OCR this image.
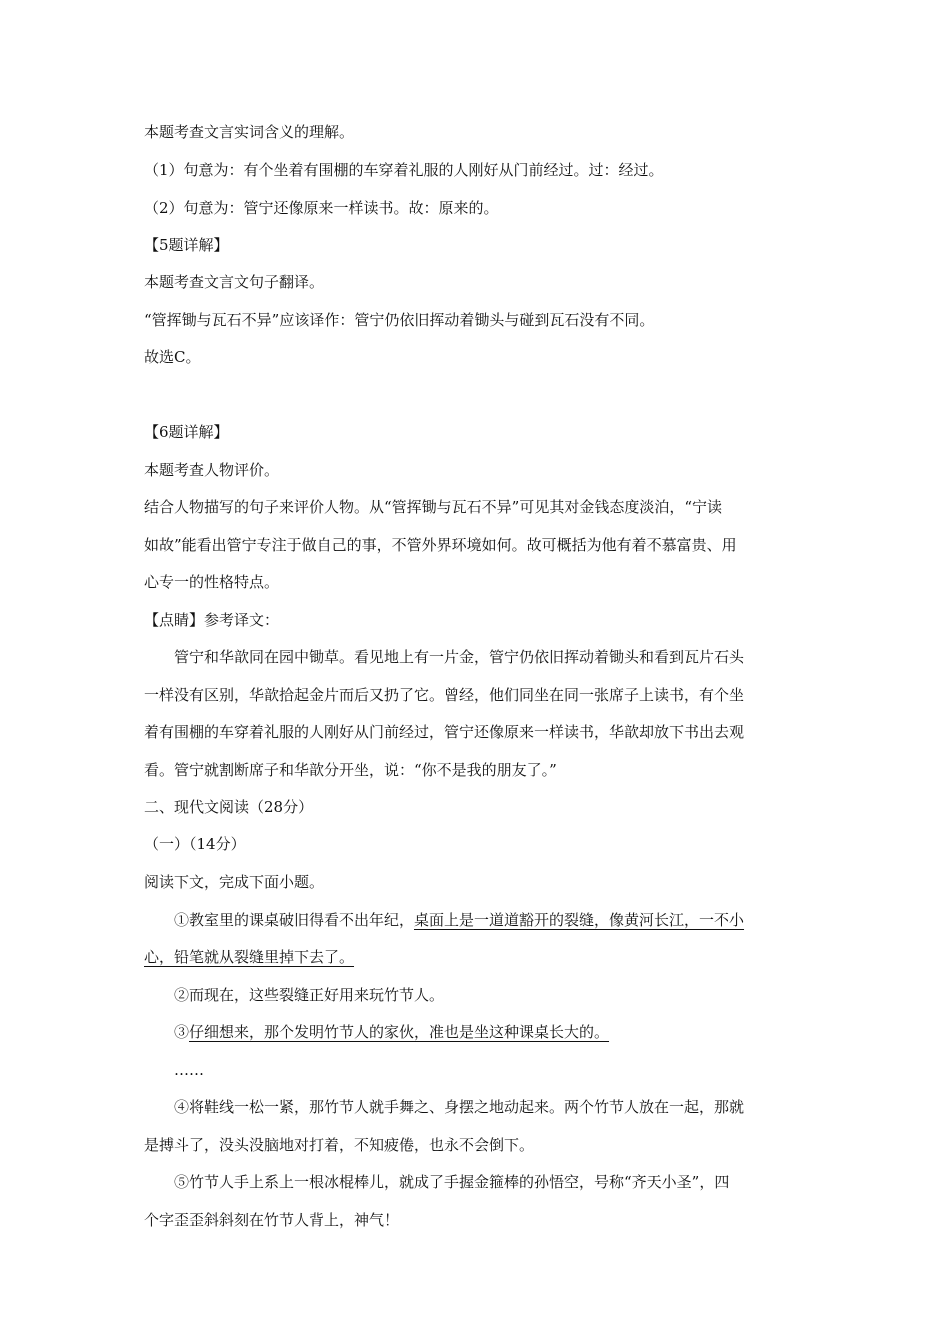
本题考查文言实词含义的理解。

（1）句意为：有个坐着有围棚的车穿着礼服的人刚好从门前经过。过：经过。

（2）句意为：管宁还像原来一样读书。故：原来的。

【5题详解】

本题考查文言文句子翻译。

“管挥锄与瓦石不异”应该译作：管宁仍依旧挥动着锄头与碰到瓦石没有不同。

故选C。

【6题详解】

本题考查人物评价。

结合人物描写的句子来评价人物。从“管挥锄与瓦石不异”可见其对金钱态度淡泊，“宁读

如故”能看出管宁专注于做自己的事，不管外界环境如何。故可概括为他有着不慕富贵、用

心专一的性格特点。

【点睛】参考译文：

管宁和华歆同在园中锄草。看见地上有一片金，管宁仍依旧挥动着锄头和看到瓦片石头

一样没有区别，华歆拾起金片而后又扔了它。曾经，他们同坐在同一张席子上读书，有个坐

着有围棚的车穿着礼服的人刚好从门前经过，管宁还像原来一样读书，华歆却放下书出去观

看。管宁就割断席子和华歆分开坐，说：“你不是我的朋友了。”

二、现代文阅读（28分）

（一）（14分）

阅读下文，完成下面小题。

①教室里的课桌破旧得看不出年纪，桌面上是一道道豁开的裂缝，像黄河长江，一不小

心，铅笔就从裂缝里掉下去了。

②而现在，这些裂缝正好用来玩竹节人。

③仔细想来，那个发明竹节人的家伙，准也是坐这种课桌长大的。

……

④将鞋线一松一紧，那竹节人就手舞之、身摆之地动起来。两个竹节人放在一起，那就

是搏斗了，没头没脑地对打着，不知疲倦，也永不会倒下。

⑤竹节人手上系上一根冰棍棒儿，就成了手握金箍棒的孙悟空，号称“齐天小圣”，四

个字歪歪斜斜刻在竹节人背上，神气！
